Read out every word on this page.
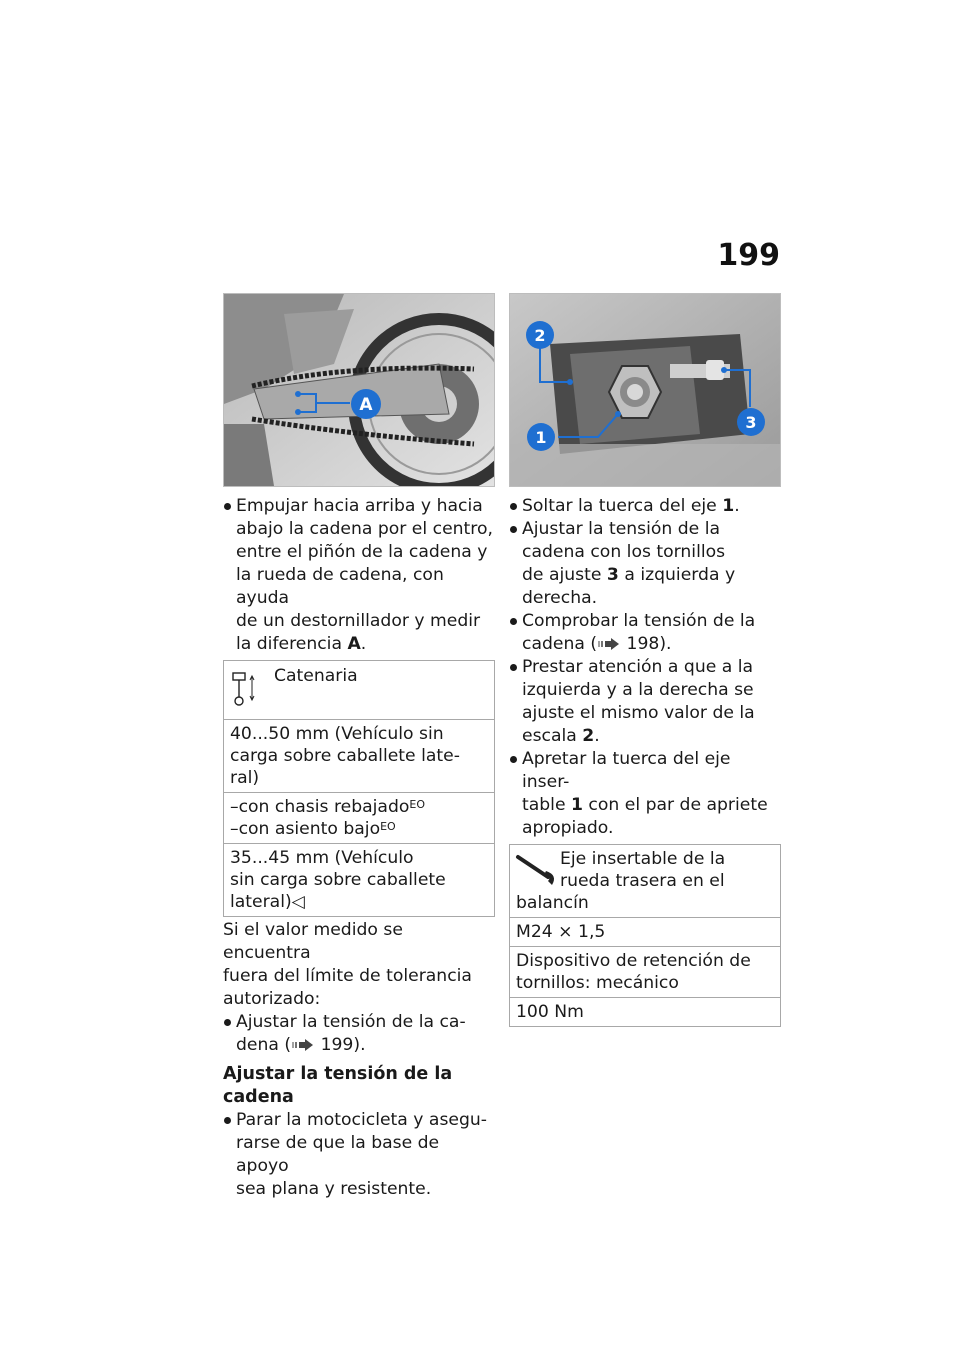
199
A
Empujar hacia arriba y hacia
abajo la cadena por el centro,
entre el piñón de la cadena y
la rueda de cadena, con ayuda
de un destornillador y medir
la diferencia A.
Catenaria
40...50 mm (Vehículo sin
carga sobre caballete late-
ral)
–con chasis rebajado$^{EO}$
–con asiento bajo$^{EO}$
35...45 mm (Vehículo
sin carga sobre caballete
lateral)◁
Si el valor medido se encuentra
fuera del límite de tolerancia
autorizado:
Ajustar la tensión de la ca-
dena ( 199).
Ajustar la tensión de la
cadena
Parar la motocicleta y asegu-
rarse de que la base de apoyo
sea plana y resistente.
2
1
3
Soltar la tuerca del eje 1.
Ajustar la tensión de la
cadena con los tornillos
de ajuste 3 a izquierda y
derecha.
Comprobar la tensión de la
cadena ( 198).
Prestar atención a que a la
izquierda y a la derecha se
ajuste el mismo valor de la
escala 2.
Apretar la tuerca del eje inser-
table 1 con el par de apriete
apropiado.
Eje insertable de la
rueda trasera en el
balancín
M24 × 1,5
Dispositivo de retención de
tornillos: mecánico
100 Nm
